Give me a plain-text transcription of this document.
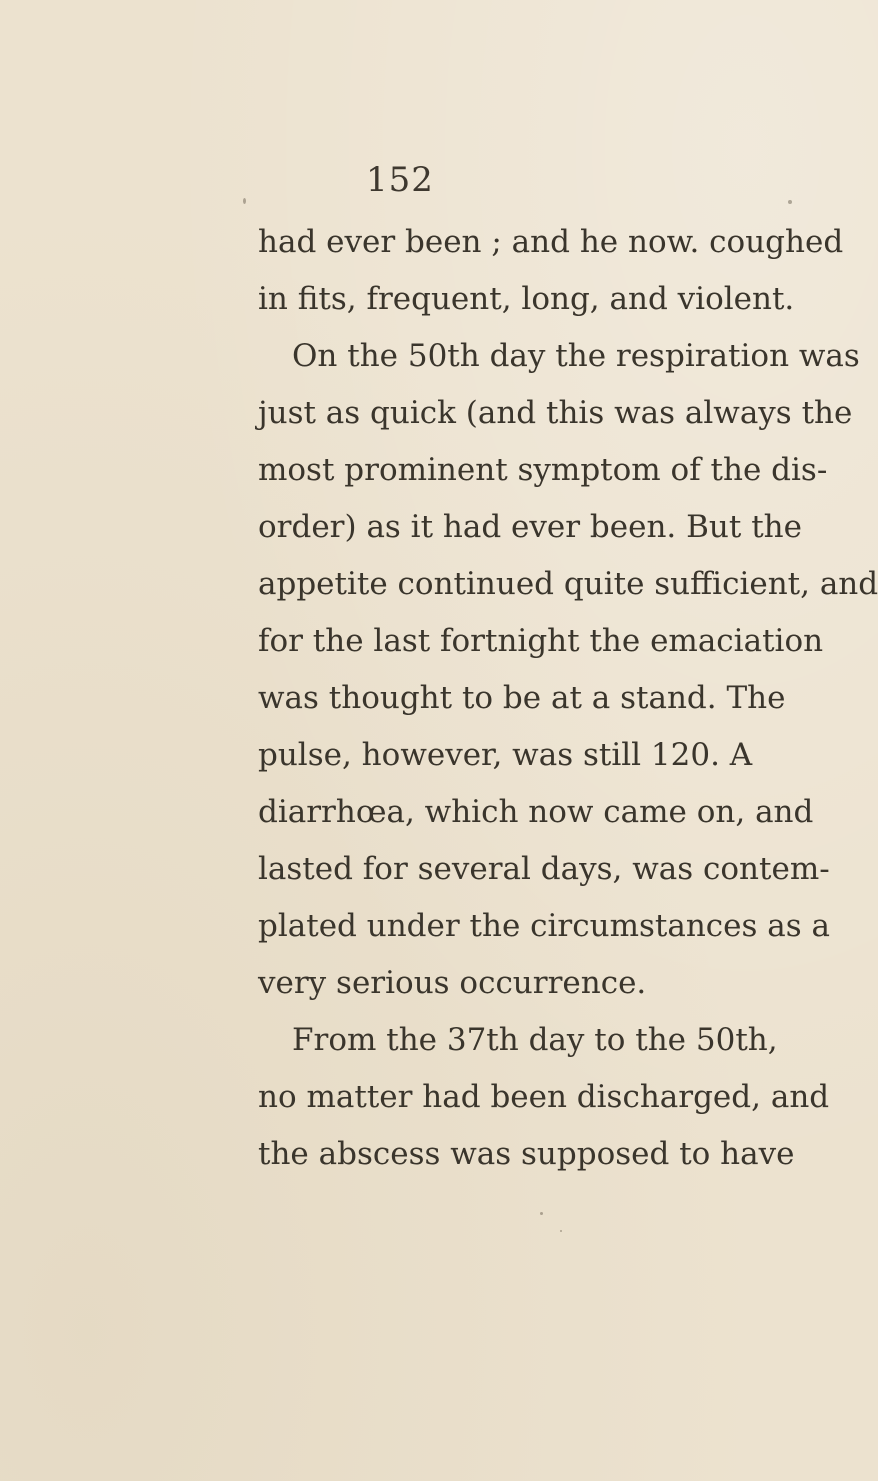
152
had ever been ; and he now. coughed
in fits, frequent, long, and violent.
On the 50th day the respiration was
just as quick (and this was always the
most prominent symptom of the dis-
order) as it had ever been. But the
appetite continued quite sufficient, and
for the last fortnight the emaciation
was thought to be at a stand. The
pulse, however, was still 120. A
diarrhœa, which now came on, and
lasted for several days, was contem-
plated under the circumstances as a
very serious occurrence.
From the 37th day to the 50th,
no matter had been discharged, and
the abscess was supposed to have
